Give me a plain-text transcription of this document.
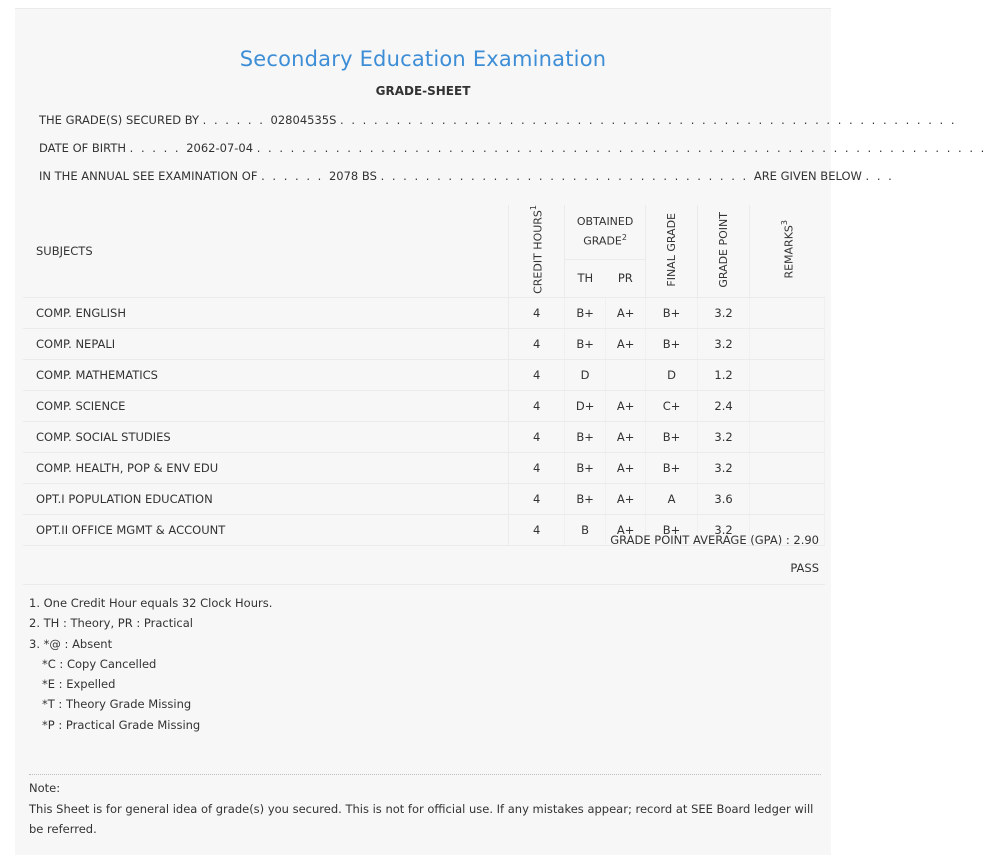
Secondary Education Examination
GRADE-SHEET
THE GRADE(S) SECURED BY . . . . . . 02804535S . . . . . . . . . . . . . . . . . . . . . . . . . . . . . . . . . . . . . . . . . . . . . . . . . . . . . . .
DATE OF BIRTH . . . . . 2062-07-04 . . . . . . . . . . . . . . . . . . . . . . . . . . . . . . . . . . . . . . . . . . . . . . . . . . . . . . . . . . . . . . . . .
IN THE ANNUAL SEE EXAMINATION OF . . . . . . 2078 BS . . . . . . . . . . . . . . . . . . . . . . . . . . . . . . . . . ARE GIVEN BELOW . . .
SUBJECTS	CREDIT HOURS$^1$	OBTAINED GRADE$^2$		FINAL GRADE	GRADE POINT	REMARKS$^3$
		TH	PR			
COMP. ENGLISH	4	B+	A+	B+	3.2	
COMP. NEPALI	4	B+	A+	B+	3.2	
COMP. MATHEMATICS	4	D		D	1.2	
COMP. SCIENCE	4	D+	A+	C+	2.4	
COMP. SOCIAL STUDIES	4	B+	A+	B+	3.2	
COMP. HEALTH, POP & ENV EDU	4	B+	A+	B+	3.2	
OPT.I POPULATION EDUCATION	4	B+	A+	A	3.6	
OPT.II OFFICE MGMT & ACCOUNT	4	B	A+	B+	3.2	
GRADE POINT AVERAGE (GPA) : 2.90
PASS
1. One Credit Hour equals 32 Clock Hours.
2. TH : Theory, PR : Practical
3. *@ : Absent
*C : Copy Cancelled
*E : Expelled
*T : Theory Grade Missing
*P : Practical Grade Missing
Note:
This Sheet is for general idea of grade(s) you secured. This is not for official use. If any mistakes appear; record at SEE Board ledger will be referred.
